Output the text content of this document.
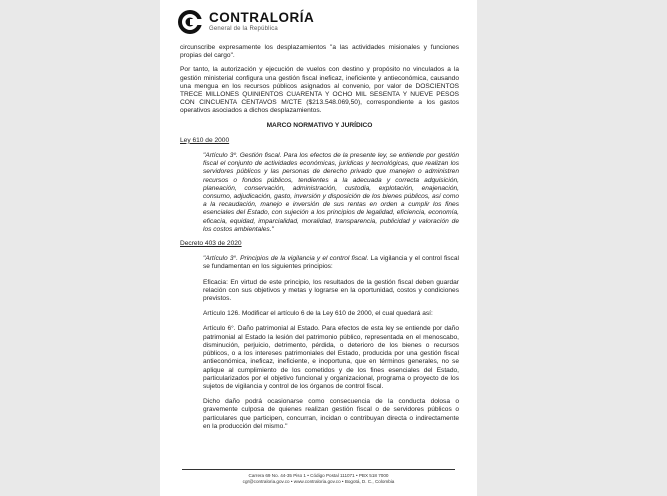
CONTRALORÍA
General de la República

circunscribe expresamente los desplazamientos "a las actividades misionales y funciones propias del cargo".

Por tanto, la autorización y ejecución de vuelos con destino y propósito no vinculados a la gestión ministerial configura una gestión fiscal ineficaz, ineficiente y antieconómica, causando una mengua en los recursos públicos asignados al convenio, por valor de DOSCIENTOS TRECE MILLONES QUINIENTOS CUARENTA Y OCHO MIL SESENTA Y NUEVE PESOS CON CINCUENTA CENTAVOS M/CTE ($213.548.069,50), correspondiente a los gastos operativos asociados a dichos desplazamientos.

MARCO NORMATIVO Y JURÍDICO

Ley 610 de 2000

"Artículo 3º. Gestión fiscal. Para los efectos de la presente ley, se entiende por gestión fiscal el conjunto de actividades económicas, jurídicas y tecnológicas, que realizan los servidores públicos y las personas de derecho privado que manejen o administren recursos o fondos públicos, tendientes a la adecuada y correcta adquisición, planeación, conservación, administración, custodia, explotación, enajenación, consumo, adjudicación, gasto, inversión y disposición de los bienes públicos, así como a la recaudación, manejo e inversión de sus rentas en orden a cumplir los fines esenciales del Estado, con sujeción a los principios de legalidad, eficiencia, economía, eficacia, equidad, imparcialidad, moralidad, transparencia, publicidad y valoración de los costos ambientales."

Decreto 403 de 2020

"Artículo 3°. Principios de la vigilancia y el control fiscal. La vigilancia y el control fiscal se fundamentan en los siguientes principios:

Eficacia: En virtud de este principio, los resultados de la gestión fiscal deben guardar relación con sus objetivos y metas y lograrse en la oportunidad, costos y condiciones previstos.

Artículo 126. Modificar el artículo 6 de la Ley 610 de 2000, el cual quedará así:

Artículo 6°. Daño patrimonial al Estado. Para efectos de esta ley se entiende por daño patrimonial al Estado la lesión del patrimonio público, representada en el menoscabo, disminución, perjuicio, detrimento, pérdida, o deterioro de los bienes o recursos públicos, o a los intereses patrimoniales del Estado, producida por una gestión fiscal antieconómica, ineficaz, ineficiente, e inoportuna, que en términos generales, no se aplique al cumplimiento de los cometidos y de los fines esenciales del Estado, particularizados por el objetivo funcional y organizacional, programa o proyecto de los sujetos de vigilancia y control de los órganos de control fiscal.

Dicho daño podrá ocasionarse como consecuencia de la conducta dolosa o gravemente culposa de quienes realizan gestión fiscal o de servidores públicos o particulares que participen, concurran, incidan o contribuyan directa o indirectamente en la producción del mismo."

Carrera 69 No. 44-35 Piso 1 • Código Postal 111071 • PBX 518 7000
cgr@contraloria.gov.co • www.contraloria.gov.co • Bogotá, D. C., Colombia
